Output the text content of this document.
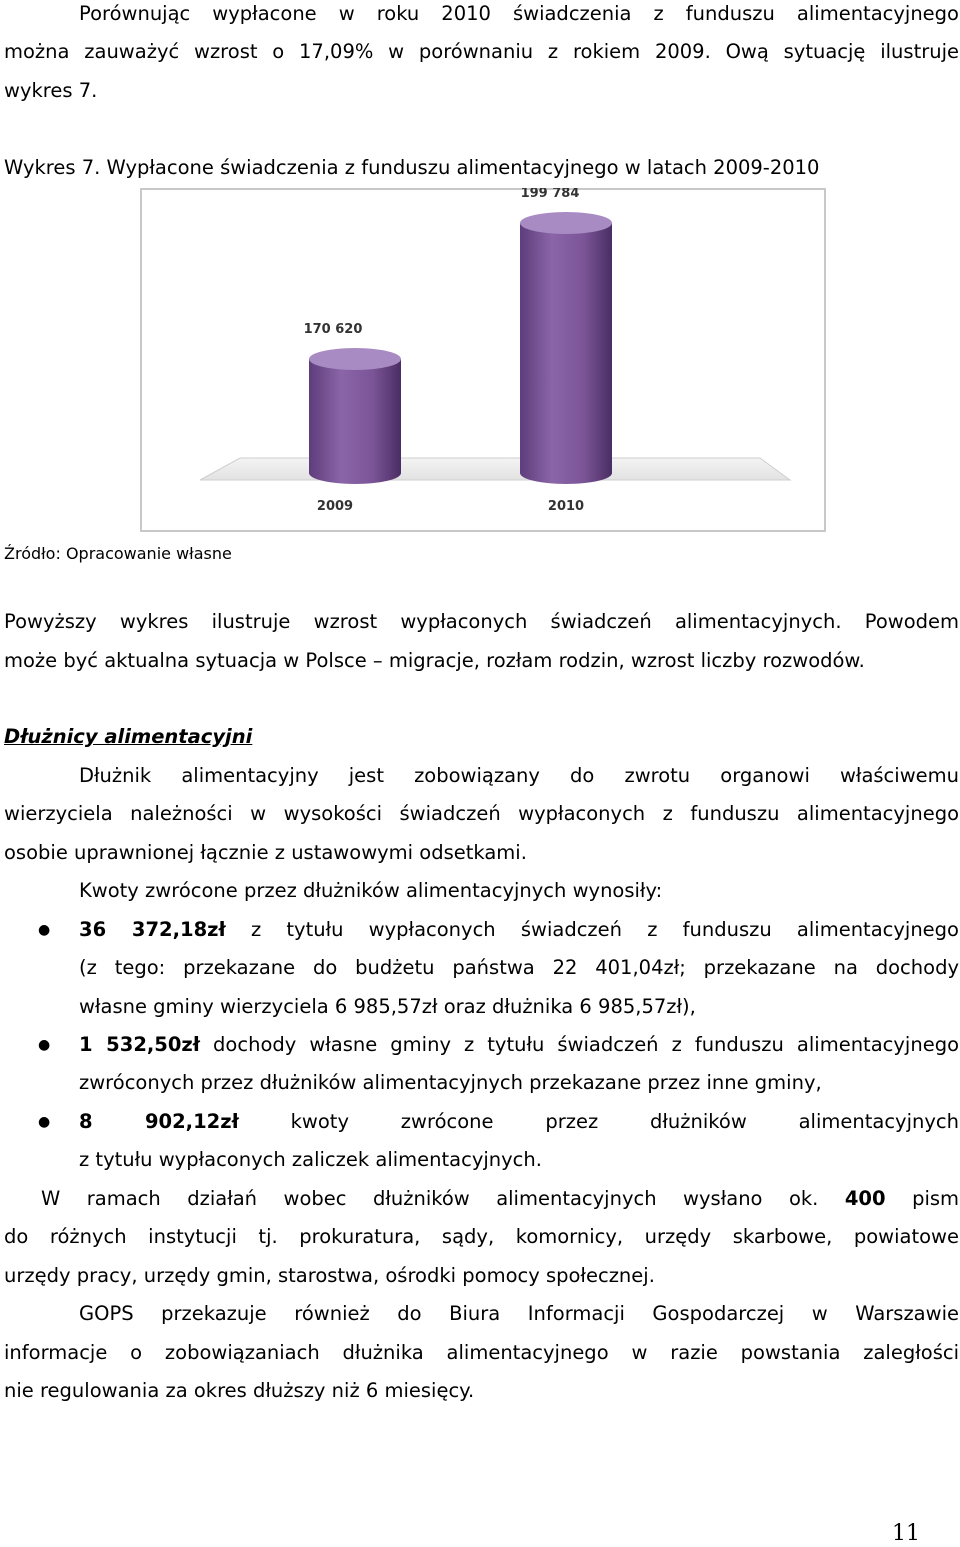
Porównując wypłacone w roku 2010 świadczenia z funduszu alimentacyjnego
można zauważyć wzrost o 17,09% w porównaniu z rokiem 2009. Ową sytuację ilustruje
wykres 7.
Wykres 7. Wypłacone świadczenia z funduszu alimentacyjnego w latach 2009-2010
170 620
2009
199 784
2010
Źródło: Opracowanie własne
Powyższy wykres ilustruje wzrost wypłaconych świadczeń alimentacyjnych. Powodem
może być aktualna sytuacja w Polsce – migracje, rozłam rodzin, wzrost liczby rozwodów.
Dłużnicy alimentacyjni
Dłużnik alimentacyjny jest zobowiązany do zwrotu organowi właściwemu
wierzyciela należności w wysokości świadczeń wypłaconych z funduszu alimentacyjnego
osobie uprawnionej łącznie z ustawowymi odsetkami.
Kwoty zwrócone przez dłużników alimentacyjnych wynosiły:
● 36 372,18zł z tytułu wypłaconych świadczeń z funduszu alimentacyjnego
(z tego: przekazane do budżetu państwa 22 401,04zł; przekazane na dochody
własne gminy wierzyciela 6 985,57zł oraz dłużnika 6 985,57zł),
● 1 532,50zł dochody własne gminy z tytułu świadczeń z funduszu alimentacyjnego
zwróconych przez dłużników alimentacyjnych przekazane przez inne gminy,
● 8 902,12zł kwoty zwrócone przez dłużników alimentacyjnych
z tytułu wypłaconych zaliczek alimentacyjnych.
W ramach działań wobec dłużników alimentacyjnych wysłano ok. 400 pism
do różnych instytucji tj. prokuratura, sądy, komornicy, urzędy skarbowe, powiatowe
urzędy pracy, urzędy gmin, starostwa, ośrodki pomocy społecznej.
GOPS przekazuje również do Biura Informacji Gospodarczej w Warszawie
informacje o zobowiązaniach dłużnika alimentacyjnego w razie powstania zaległości
nie regulowania za okres dłuższy niż 6 miesięcy.
11
